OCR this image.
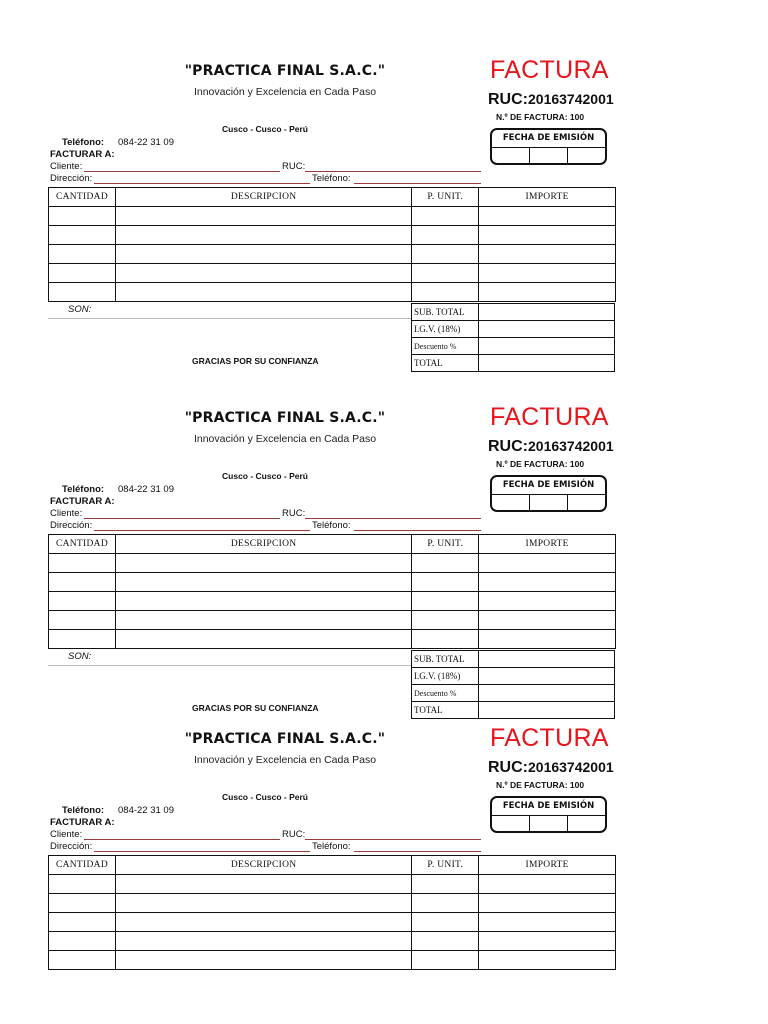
"PRACTICA FINAL S.A.C."
Innovación y Excelencia en Cada Paso
Cusco - Cusco - Perú
FACTURA
RUC:20163742001
N.º DE FACTURA: 100
FECHA DE EMISIÓN
Teléfono: 084-22 31 09
FACTURAR A:
Cliente:	RUC:
Dirección:	Teléfono:
CANTIDAD	DESCRIPCION	P. UNIT.	IMPORTE

SON:	SUB. TOTAL	
I.G.V. (18%)	
Descuento %	
TOTAL	
GRACIAS POR SU CONFIANZA
"PRACTICA FINAL S.A.C."
Innovación y Excelencia en Cada Paso
Cusco - Cusco - Perú
FACTURA
RUC:20163742001
N.º DE FACTURA: 100
FECHA DE EMISIÓN
Teléfono: 084-22 31 09
FACTURAR A:
Cliente:	RUC:
Dirección:	Teléfono:
CANTIDAD	DESCRIPCION	P. UNIT.	IMPORTE

SON:	SUB. TOTAL	
I.G.V. (18%)	
Descuento %	
TOTAL	
GRACIAS POR SU CONFIANZA
"PRACTICA FINAL S.A.C."
Innovación y Excelencia en Cada Paso
Cusco - Cusco - Perú
FACTURA
RUC:20163742001
N.º DE FACTURA: 100
FECHA DE EMISIÓN
Teléfono: 084-22 31 09
FACTURAR A:
Cliente:	RUC:
Dirección:	Teléfono:
CANTIDAD	DESCRIPCION	P. UNIT.	IMPORTE
